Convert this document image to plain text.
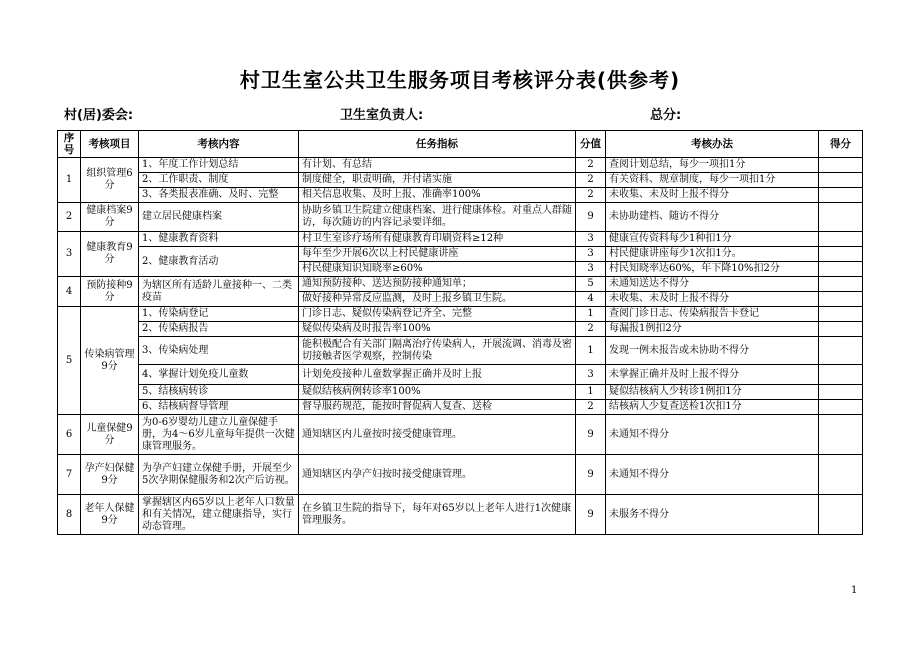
村卫生室公共卫生服务项目考核评分表(供参考)
村(居)委会:	卫生室负责人:	总分:
序号	考核项目	考核内容	任务指标	分值	考核办法	得分
1	组织管理6分	1、年度工作计划总结	有计划、有总结	2	查阅计划总结，每少一项扣1分	
		2、工作职责、制度	制度健全，职责明确，并付诸实施	2	有关资料、规章制度，每少一项扣1分	
		3、各类报表准确、及时、完整	相关信息收集、及时上报、准确率100%	2	未收集、未及时上报不得分	
2	健康档案9分	建立居民健康档案	协助乡镇卫生院建立健康档案、进行健康体检。对重点人群随访，每次随访的内容记录要详细。	9	未协助建档、随访不得分	
3	健康教育9分	1、健康教育资料	村卫生室诊疗场所有健康教育印刷资料≥12种	3	健康宣传资料每少1种扣1分	
		2、健康教育活动	每年至少开展6次以上村民健康讲座	3	村民健康讲座每少1次扣1分。	
			村民健康知识知晓率≥60%	3	村民知晓率达60%，年下降10%扣2分	
4	预防接种9分	为辖区所有适龄儿童接种一、二类疫苗	通知预防接种、送达预防接种通知单；	5	未通知送达不得分	
			做好接种异常反应监测，及时上报乡镇卫生院。	4	未收集、未及时上报不得分	
5	传染病管理9分	1、传染病登记	门诊日志、疑似传染病登记齐全、完整	1	查阅门诊日志、传染病报告卡登记	
		2、传染病报告	疑似传染病及时报告率100%	2	每漏报1例扣2分	
		3、传染病处理	能积极配合有关部门隔离治疗传染病人，开展流调、消毒及密切接触者医学观察，控制传染	1	发现一例未报告或未协助不得分	
		4、掌握计划免疫儿童数	计划免疫接种儿童数掌握正确并及时上报	3	未掌握正确并及时上报不得分	
		5、结核病转诊	疑似结核病例转诊率100%	1	疑似结核病人少转诊1例扣1分	
		6、结核病督导管理	督导服药规范，能按时督促病人复查、送检	2	结核病人少复查送检1次扣1分	
6	儿童保健9分	为0-6岁婴幼儿建立儿童保健手册，为4～6岁儿童每年提供一次健康管理服务。	通知辖区内儿童按时接受健康管理。	9	未通知不得分	
7	孕产妇保健9分	为孕产妇建立保健手册，开展至少5次孕期保健服务和2次产后访视。	通知辖区内孕产妇按时接受健康管理。	9	未通知不得分	
8	老年人保健9分	掌握辖区内65岁以上老年人口数量和有关情况，建立健康指导，实行动态管理。	在乡镇卫生院的指导下，每年对65岁以上老年人进行1次健康管理服务。	9	未服务不得分	
1
